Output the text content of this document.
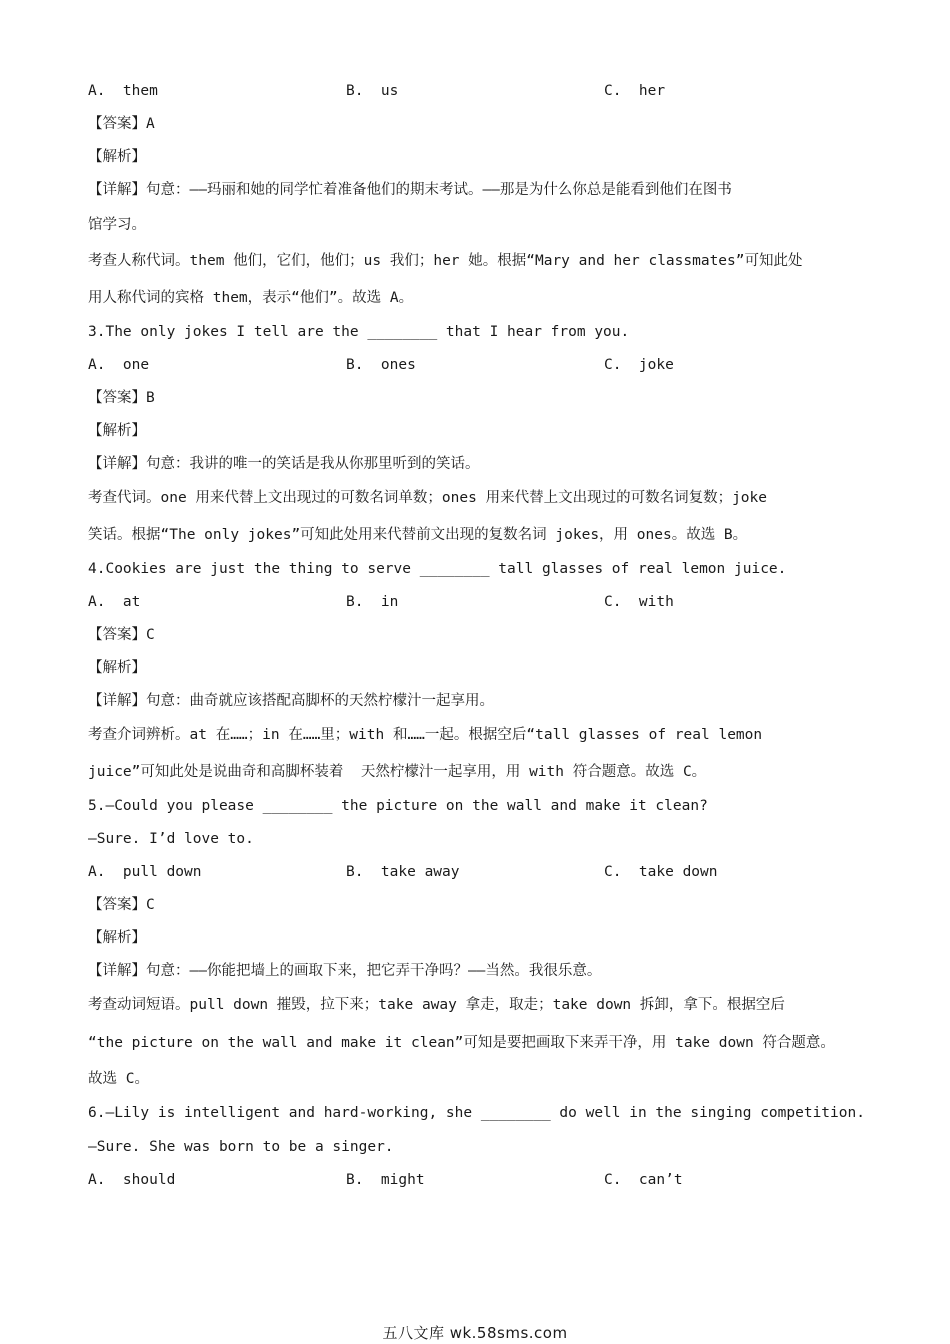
A.  them	B.  us	C.  her
【答案】A
【解析】
【详解】句意：——玛丽和她的同学忙着准备他们的期末考试。——那是为什么你总是能看到他们在图书
馆学习。
考查人称代词。them 他们，它们，他们；us 我们；her 她。根据“Mary and her classmates”可知此处
用人称代词的宾格 them，表示“他们”。故选 A。
3.The only jokes I tell are the ________ that I hear from you.
A.  one	B.  ones	C.  joke
【答案】B
【解析】
【详解】句意：我讲的唯一的笑话是我从你那里听到的笑话。
考查代词。one 用来代替上文出现过的可数名词单数；ones 用来代替上文出现过的可数名词复数；joke
笑话。根据“The only jokes”可知此处用来代替前文出现的复数名词 jokes，用 ones。故选 B。
4.Cookies are just the thing to serve ________ tall glasses of real lemon juice.
A.  at	B.  in	C.  with
【答案】C
【解析】
【详解】句意：曲奇就应该搭配高脚杯的天然柠檬汁一起享用。
考查介词辨析。at 在……；in 在……里；with 和……一起。根据空后“tall glasses of real lemon
juice”可知此处是说曲奇和高脚杯装着  天然柠檬汁一起享用，用 with 符合题意。故选 C。
5.—Could you please ________ the picture on the wall and make it clean?
—Sure. I’d love to.
A.  pull down	B.  take away	C.  take down
【答案】C
【解析】
【详解】句意：——你能把墙上的画取下来，把它弄干净吗？——当然。我很乐意。
考查动词短语。pull down 摧毁，拉下来；take away 拿走，取走；take down 拆卸，拿下。根据空后
“the picture on the wall and make it clean”可知是要把画取下来弄干净，用 take down 符合题意。
故选 C。
6.—Lily is intelligent and hard-working, she ________ do well in the singing competition.
—Sure. She was born to be a singer.
A.  should	B.  might	C.  can’t
五八文库 wk.58sms.com
